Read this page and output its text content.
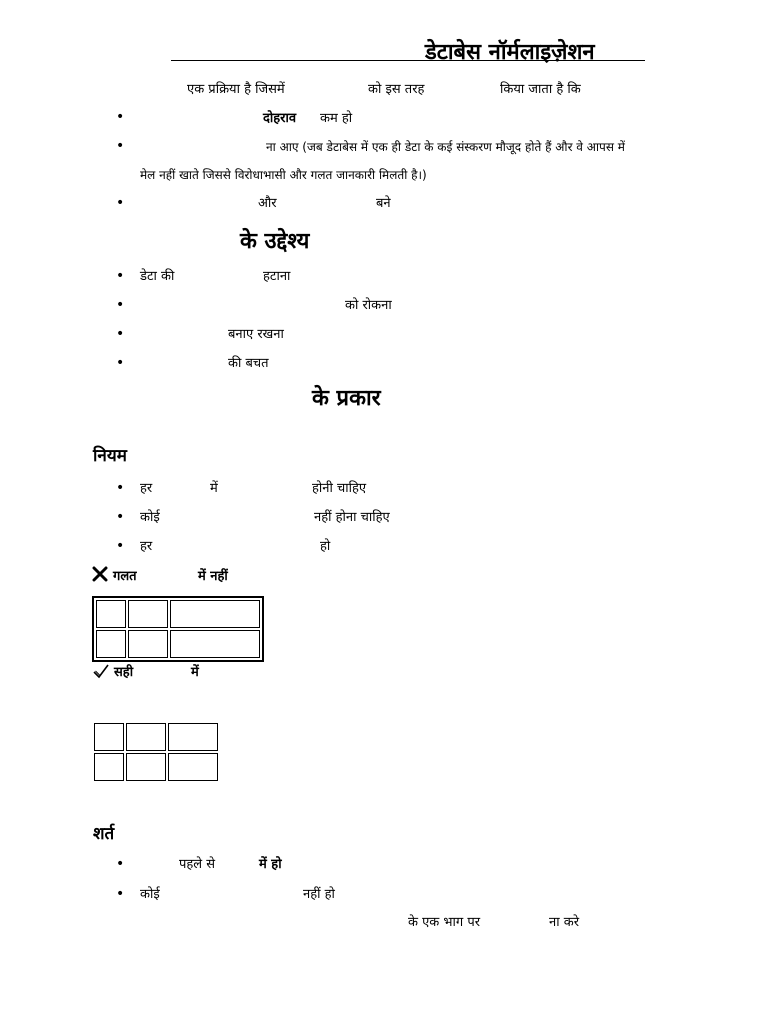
डेटाबेस नॉर्मलाइज़ेशन
एक प्रक्रिया है जिसमें	को इस तरह	किया जाता है कि
•	दोहराव कम हो
•	ना आए (जब डेटाबेस में एक ही डेटा के कई संस्करण मौजूद होते हैं और वे आपस में
मेल नहीं खाते जिससे विरोधाभासी और गलत जानकारी मिलती है।)
•	और	बने
के उद्देश्य
• डेटा की	हटाना
•	को रोकना
•	बनाए रखना
•	की बचत
के प्रकार
नियम
• हर	में	होनी चाहिए
• कोई	नहीं होना चाहिए
• हर	हो
गलत	में नहीं

सही	में

शर्त
•	पहले से	में हो
• कोई	नहीं हो
के एक भाग पर	ना करे
